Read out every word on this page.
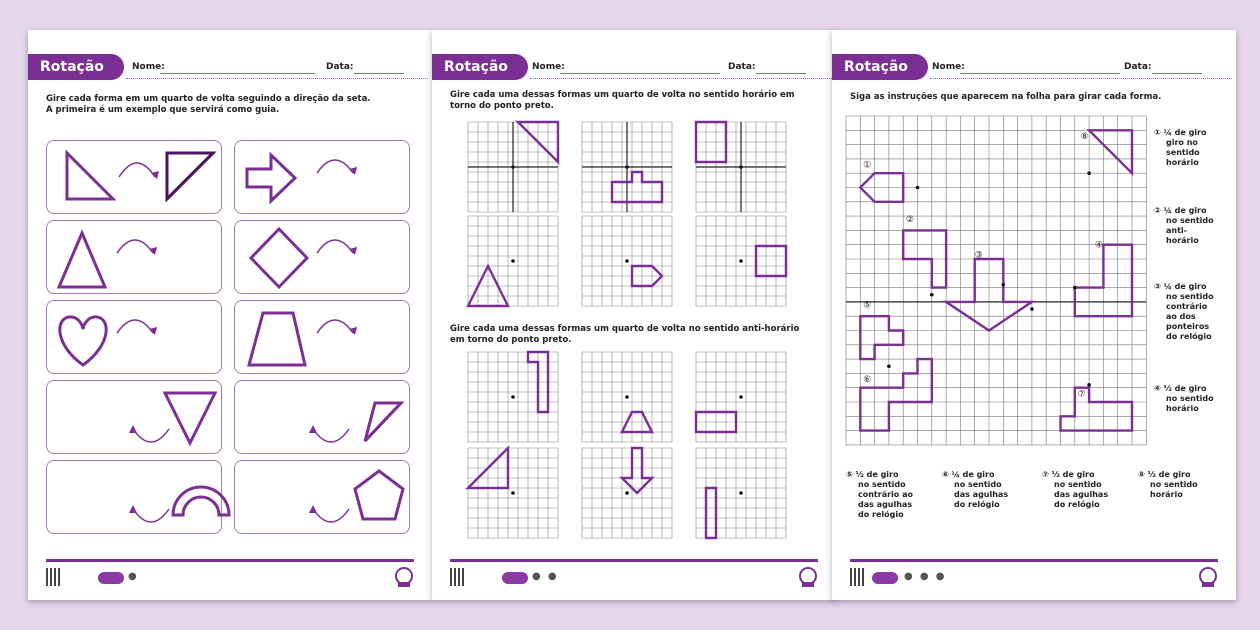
Rotação	Nome:	Data:
Gire cada forma em um quarto de volta seguindo a direção da seta.
A primeira é um exemplo que servirá como guia.
●
Rotação	Nome:	Data:
Gire cada uma dessas formas um quarto de volta no sentido horário em
torno do ponto preto.
Gire cada uma dessas formas um quarto de volta no sentido anti-horário
em torno do ponto preto.
● ●
Rotação	Nome:	Data:
Siga as instruções que aparecem na folha para girar cada forma.
①
②
③
④
⑤
⑥
⑦
⑧	① ¼ de giro
giro no
sentido
horário
② ¼ de giro
no sentido
anti-
horário
③ ¼ de giro
no sentido
contrário
ao dos
ponteiros
do relógio
④ ½ de giro
no sentido
horário
⑤ ½ de giro
no sentido
contrário ao
das agulhas
do relógio
⑥ ¼ de giro
no sentido
das agulhas
do relógio
⑦ ½ de giro
no sentido
das agulhas
do relógio
⑧ ½ de giro
no sentido
horário
● ● ●
